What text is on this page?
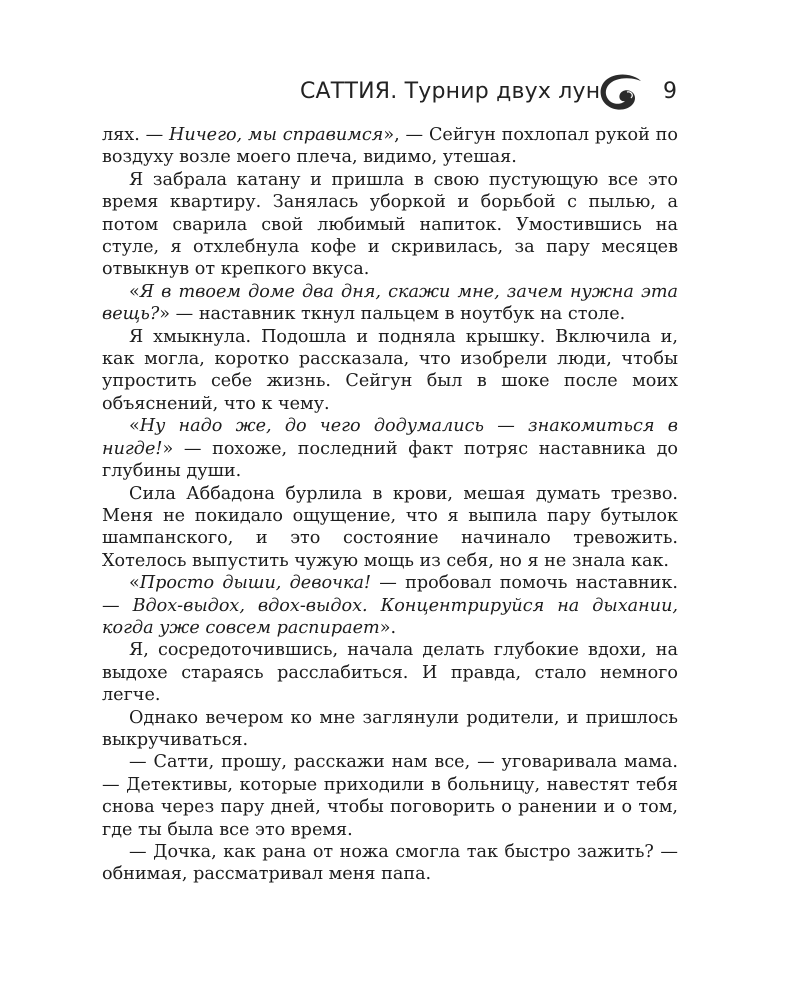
САТТИЯ. Турнир двух лун	9

лях. — Ничего, мы справимся», — Сейгун похлопал рукой по воздуху возле моего плеча, видимо, утешая.

Я забрала катану и пришла в свою пустующую все это время квартиру. Занялась уборкой и борьбой с пылью, а потом сварила свой любимый напиток. Умостившись на стуле, я отхлебнула кофе и скривилась, за пару месяцев отвыкнув от крепкого вкуса.

«Я в твоем доме два дня, скажи мне, зачем нужна эта вещь?» — наставник ткнул пальцем в ноутбук на столе.

Я хмыкнула. Подошла и подняла крышку. Включила и, как могла, коротко рассказала, что изобрели люди, чтобы упростить себе жизнь. Сейгун был в шоке после моих объяснений, что к чему.

«Ну надо же, до чего додумались — знакомиться в нигде!» — похоже, последний факт потряс наставника до глубины души.

Сила Аббадона бурлила в крови, мешая думать трезво. Меня не покидало ощущение, что я выпила пару бутылок шампанского, и это состояние начинало тревожить. Хотелось выпустить чужую мощь из себя, но я не знала как.

«Просто дыши, девочка! — пробовал помочь наставник. — Вдох-выдох, вдох-выдох. Концентрируйся на дыхании, когда уже совсем распирает».

Я, сосредоточившись, начала делать глубокие вдохи, на выдохе стараясь расслабиться. И правда, стало немного легче.

Однако вечером ко мне заглянули родители, и пришлось выкручиваться.

— Сатти, прошу, расскажи нам все, — уговаривала мама. — Детективы, которые приходили в больницу, навестят тебя снова через пару дней, чтобы поговорить о ранении и о том, где ты была все это время.

— Дочка, как рана от ножа смогла так быстро зажить? — обнимая, рассматривал меня папа.
